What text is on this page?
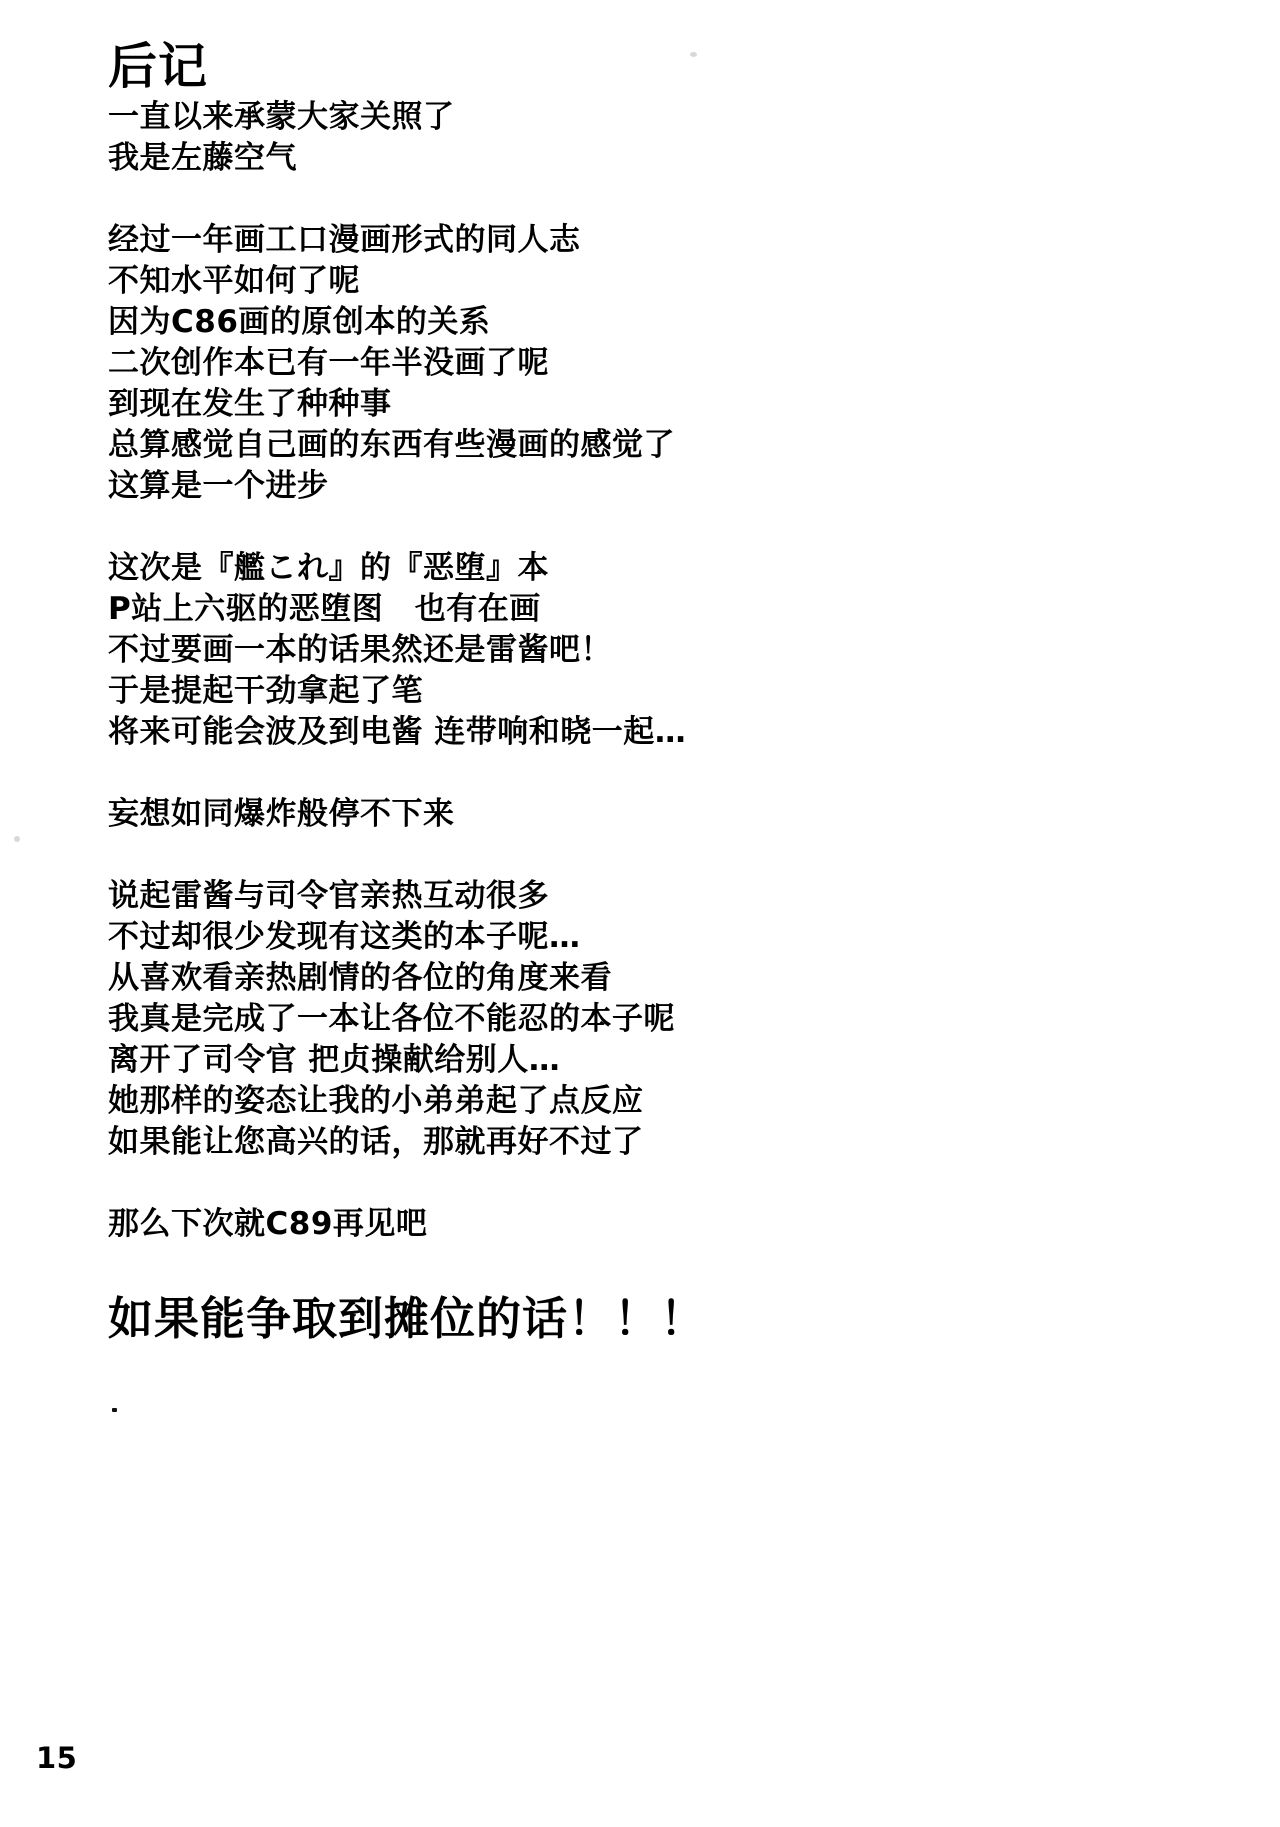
后记
一直以来承蒙大家关照了
我是左藤空气
经过一年画工口漫画形式的同人志
不知水平如何了呢
因为C86画的原创本的关系
二次创作本已有一年半没画了呢
到现在发生了种种事
总算感觉自己画的东西有些漫画的感觉了
这算是一个进步
这次是『艦これ』的『恶堕』本
P站上六驱的恶堕图　也有在画
不过要画一本的话果然还是雷酱吧！
于是提起干劲拿起了笔
将来可能会波及到电酱 连带响和晓一起…
妄想如同爆炸般停不下来
说起雷酱与司令官亲热互动很多
不过却很少发现有这类的本子呢…
从喜欢看亲热剧情的各位的角度来看
我真是完成了一本让各位不能忍的本子呢
离开了司令官 把贞操献给别人…
她那样的姿态让我的小弟弟起了点反应
如果能让您高兴的话，那就再好不过了
那么下次就C89再见吧
如果能争取到摊位的话！！！
15
